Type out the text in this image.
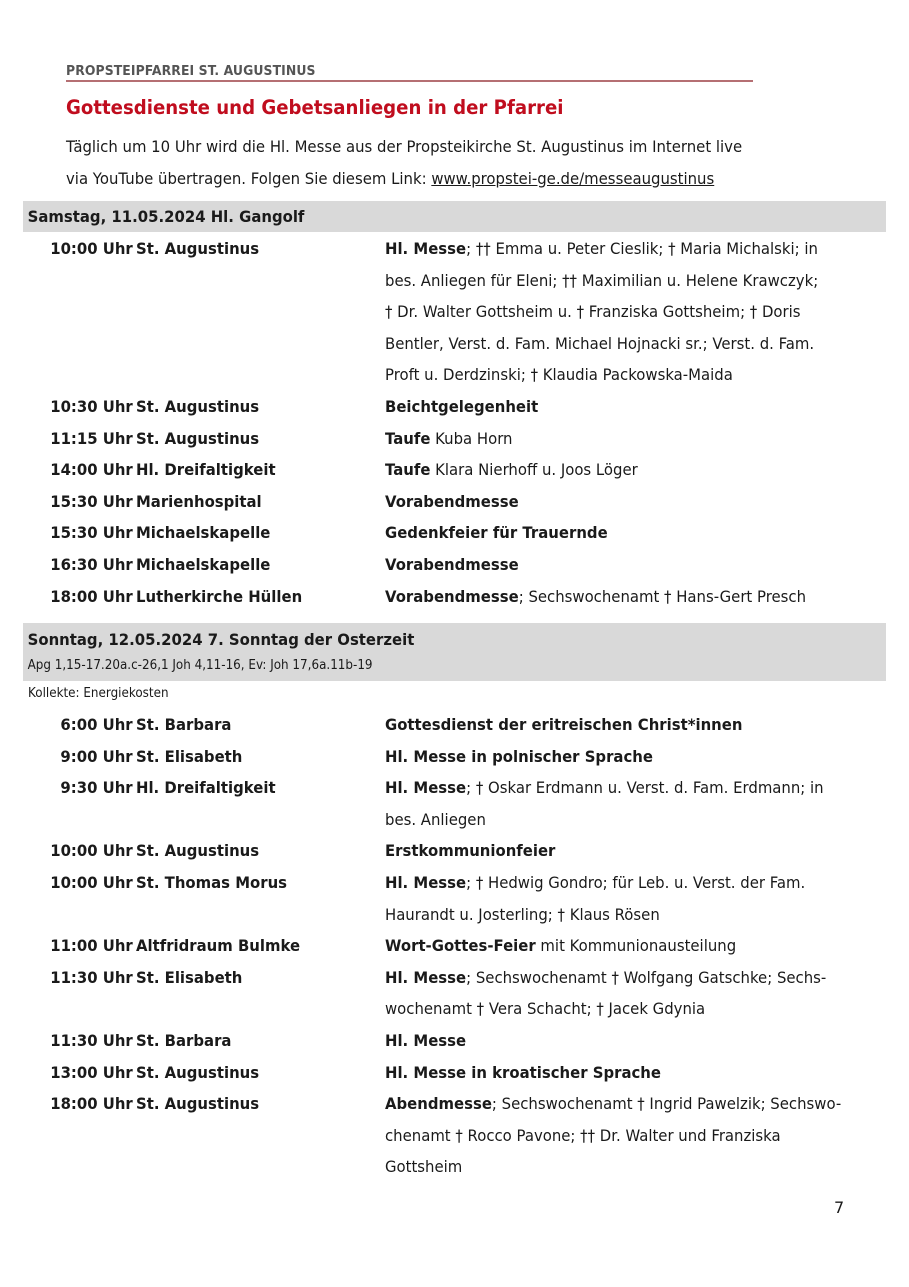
PROPSTEIPFARREI ST. AUGUSTINUS
Gottesdienste und Gebetsanliegen in der Pfarrei
Täglich um 10 Uhr wird die Hl. Messe aus der Propsteikirche St. Augustinus im Internet live
via YouTube übertragen. Folgen Sie diesem Link: www.propstei-ge.de/messeaugustinus
Samstag, 11.05.2024 Hl. Gangolf
10:00 Uhr St. Augustinus	Hl. Messe; †† Emma u. Peter Cieslik; † Maria Michalski; in
bes. Anliegen für Eleni; †† Maximilian u. Helene Krawczyk;
† Dr. Walter Gottsheim u. † Franziska Gottsheim; † Doris
Bentler, Verst. d. Fam. Michael Hojnacki sr.; Verst. d. Fam.
Proft u. Derdzinski; † Klaudia Packowska-Maida
10:30 Uhr St. Augustinus	Beichtgelegenheit
11:15 Uhr St. Augustinus	Taufe Kuba Horn
14:00 Uhr Hl. Dreifaltigkeit	Taufe Klara Nierhoff u. Joos Löger
15:30 Uhr Marienhospital	Vorabendmesse
15:30 Uhr Michaelskapelle	Gedenkfeier für Trauernde
16:30 Uhr Michaelskapelle	Vorabendmesse
18:00 Uhr Lutherkirche Hüllen	Vorabendmesse; Sechswochenamt † Hans-Gert Presch
Sonntag, 12.05.2024 7. Sonntag der Osterzeit
Apg 1,15-17.20a.c-26,1 Joh 4,11-16, Ev: Joh 17,6a.11b-19
Kollekte: Energiekosten
6:00 Uhr St. Barbara	Gottesdienst der eritreischen Christ*innen
9:00 Uhr St. Elisabeth	Hl. Messe in polnischer Sprache
9:30 Uhr Hl. Dreifaltigkeit	Hl. Messe; † Oskar Erdmann u. Verst. d. Fam. Erdmann; in
bes. Anliegen
10:00 Uhr St. Augustinus	Erstkommunionfeier
10:00 Uhr St. Thomas Morus	Hl. Messe; † Hedwig Gondro; für Leb. u. Verst. der Fam.
Haurandt u. Josterling; † Klaus Rösen
11:00 Uhr Altfridraum Bulmke	Wort-Gottes-Feier mit Kommunionausteilung
11:30 Uhr St. Elisabeth	Hl. Messe; Sechswochenamt † Wolfgang Gatschke; Sechs-
wochenamt † Vera Schacht; † Jacek Gdynia
11:30 Uhr St. Barbara	Hl. Messe
13:00 Uhr St. Augustinus	Hl. Messe in kroatischer Sprache
18:00 Uhr St. Augustinus	Abendmesse; Sechswochenamt † Ingrid Pawelzik; Sechswo-
chenamt † Rocco Pavone; †† Dr. Walter und Franziska
Gottsheim
7
